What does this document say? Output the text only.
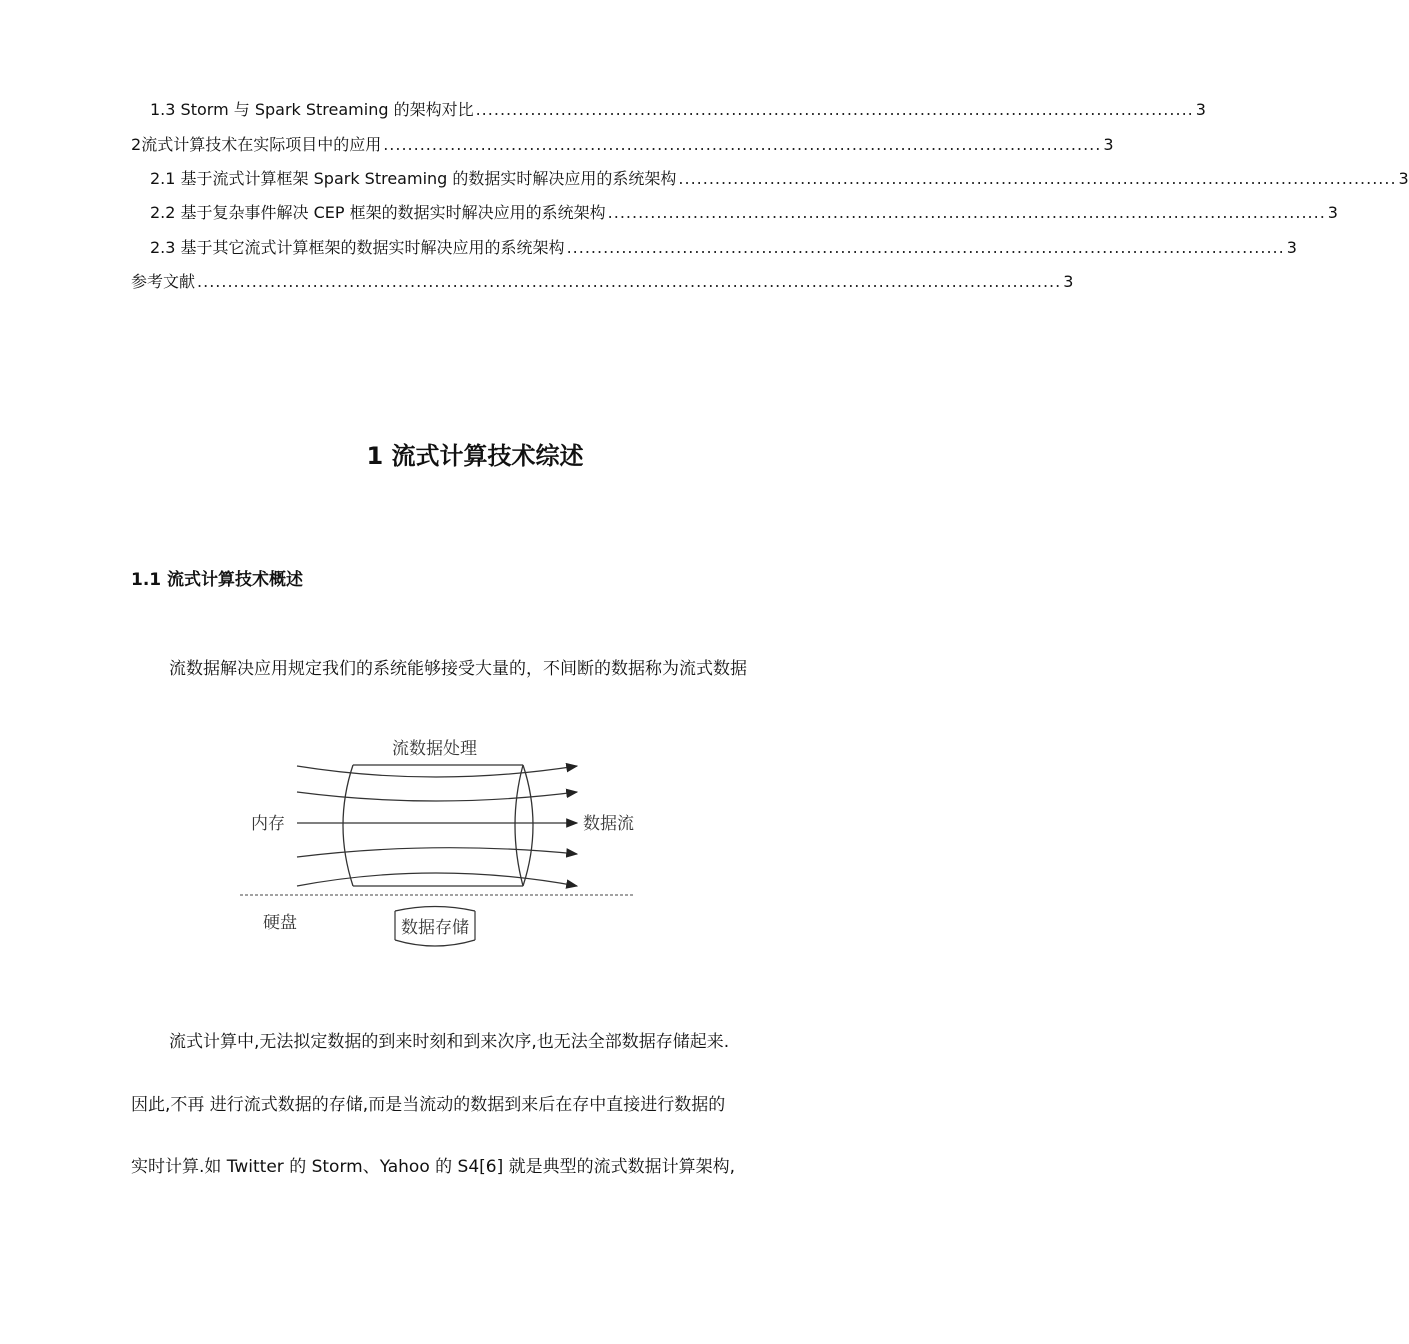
1.3 Storm 与 Spark Streaming 的架构对比 ...................................................................................................................... 3
2 流式计算技术在实际项目中的应用 ...................................................................................................................... 3
2.1 基于流式计算框架 Spark Streaming 的数据实时解决应用的系统架构 ...................................................................................................................... 3
2.2 基于复杂事件解决 CEP 框架的数据实时解决应用的系统架构 ...................................................................................................................... 3
2.3 基于其它流式计算框架的数据实时解决应用的系统架构 ...................................................................................................................... 3
参考文献 .............................................................................................................................................. 3
1 流式计算技术综述
1.1 流式计算技术概述
流数据解决应用规定我们的系统能够接受大量的，不间断的数据称为流式数据
流数据处理
内存	数据流
硬盘	数据存储
流式计算中,无法拟定数据的到来时刻和到来次序,也无法全部数据存储起来.
因此,不再 进行流式数据的存储,而是当流动的数据到来后在存中直接进行数据的
实时计算.如 Twitter 的 Storm、Yahoo 的 S4[6] 就是典型的流式数据计算架构,
